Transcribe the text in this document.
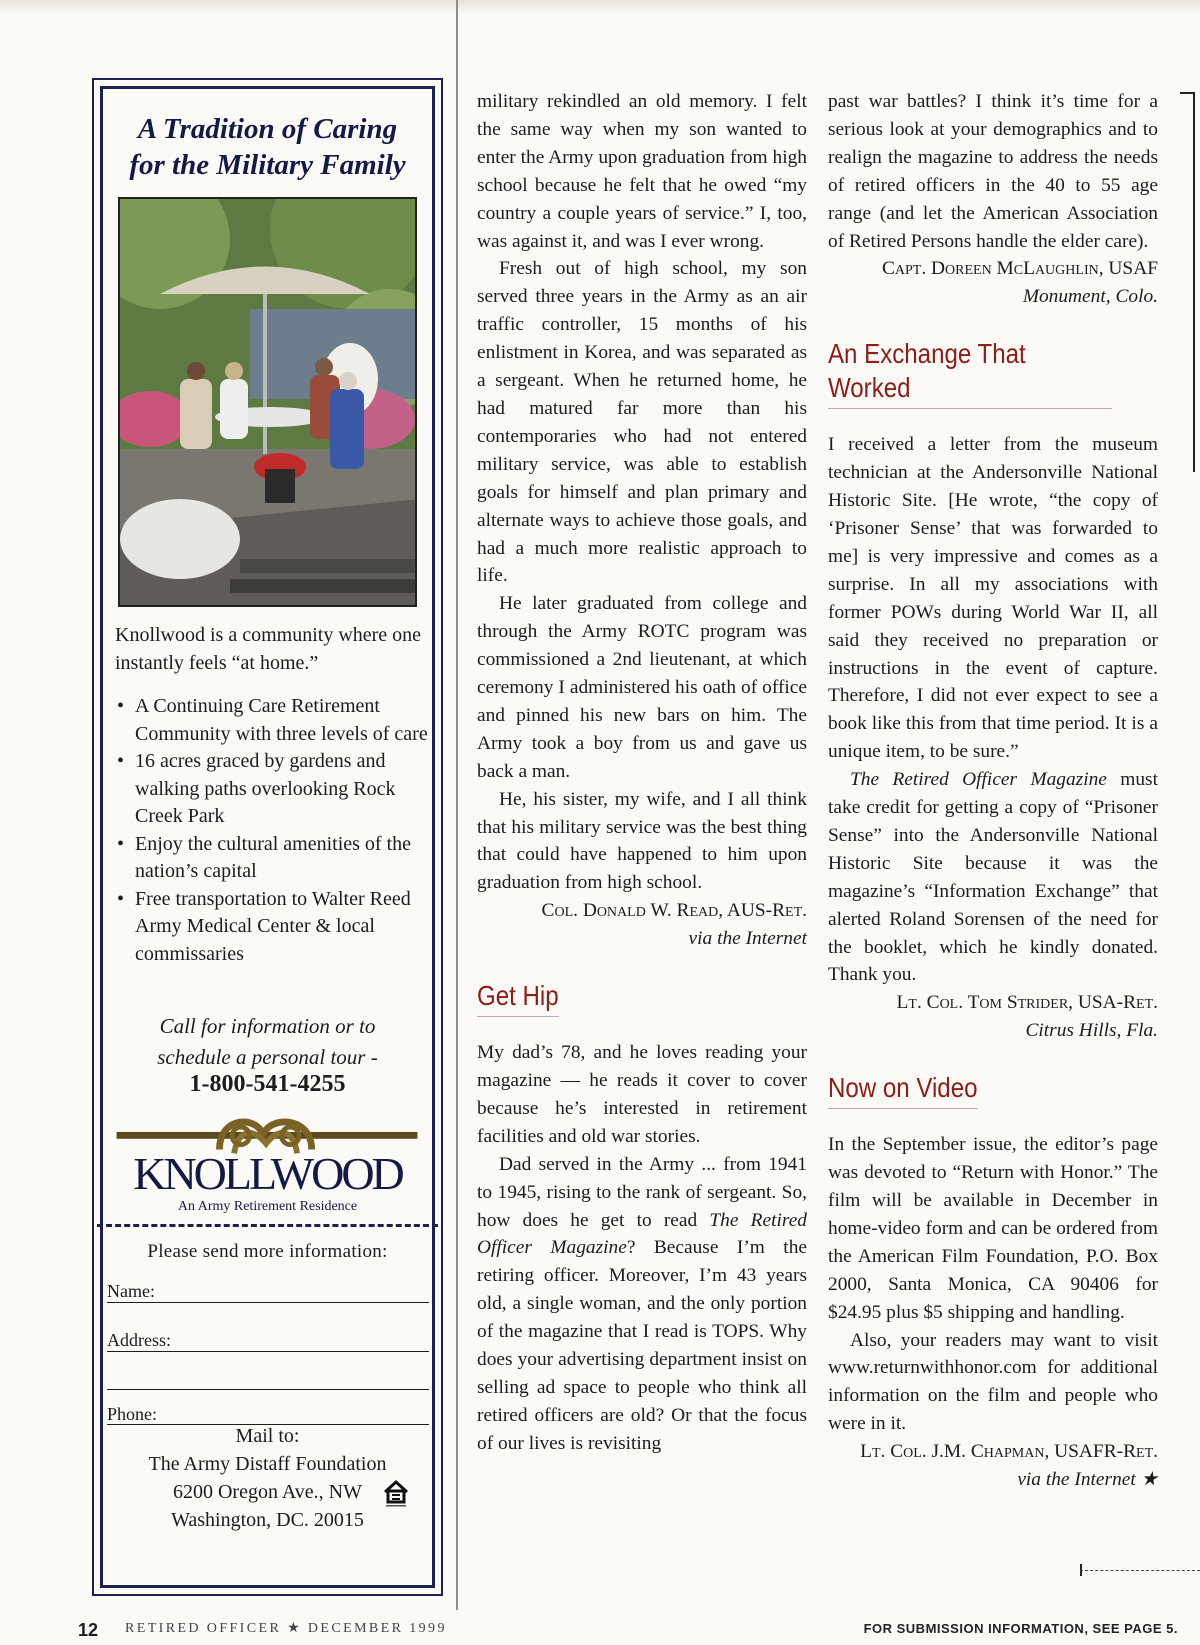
A Tradition of Caring
for the Military Family
Knollwood is a community where one instantly feels “at home.”
• A Continuing Care Retirement Community with three levels of care
• 16 acres graced by gardens and walking paths overlooking Rock Creek Park
• Enjoy the cultural amenities of the nation’s capital
• Free transportation to Walter Reed Army Medical Center & local commissaries
Call for information or to
schedule a personal tour -
1-800-541-4255
KNOLLWOOD
An Army Retirement Residence
Please send more information:
Name:
Address:
Phone:
Mail to:
The Army Distaff Foundation
6200 Oregon Ave., NW
Washington, DC. 20015

military rekindled an old memory. I felt the same way when my son wanted to enter the Army upon graduation from high school because he felt that he owed “my country a couple years of service.” I, too, was against it, and was I ever wrong.

Fresh out of high school, my son served three years in the Army as an air traffic controller, 15 months of his enlistment in Korea, and was separated as a sergeant. When he returned home, he had matured far more than his contemporaries who had not entered military service, was able to establish goals for himself and plan primary and alternate ways to achieve those goals, and had a much more realistic approach to life.

He later graduated from college and through the Army ROTC program was commissioned a 2nd lieutenant, at which ceremony I administered his oath of office and pinned his new bars on him. The Army took a boy from us and gave us back a man.

He, his sister, my wife, and I all think that his military service was the best thing that could have happened to him upon graduation from high school.

Col. Donald W. Read, AUS-Ret.
via the Internet
Get Hip

My dad’s 78, and he loves reading your magazine — he reads it cover to cover because he’s interested in retirement facilities and old war stories.

Dad served in the Army ... from 1941 to 1945, rising to the rank of sergeant. So, how does he get to read The Retired Officer Magazine? Because I’m the retiring officer. Moreover, I’m 43 years old, a single woman, and the only portion of the magazine that I read is TOPS. Why does your advertising department insist on selling ad space to people who think all retired officers are old? Or that the focus of our lives is revisiting

past war battles? I think it’s time for a serious look at your demographics and to realign the magazine to address the needs of retired officers in the 40 to 55 age range (and let the American Association of Retired Persons handle the elder care).

Capt. Doreen McLaughlin, USAF
Monument, Colo.
An Exchange That Worked

I received a letter from the museum technician at the Andersonville National Historic Site. [He wrote, “the copy of ‘Prisoner Sense’ that was forwarded to me] is very impressive and comes as a surprise. In all my associations with former POWs during World War II, all said they received no preparation or instructions in the event of capture. Therefore, I did not ever expect to see a book like this from that time period. It is a unique item, to be sure.”

The Retired Officer Magazine must take credit for getting a copy of “Prisoner Sense” into the Andersonville National Historic Site because it was the magazine’s “Information Exchange” that alerted Roland Sorensen of the need for the booklet, which he kindly donated. Thank you.

Lt. Col. Tom Strider, USA-Ret.
Citrus Hills, Fla.
Now on Video

In the September issue, the editor’s page was devoted to “Return with Honor.” The film will be available in December in home-video form and can be ordered from the American Film Foundation, P.O. Box 2000, Santa Monica, CA 90406 for $24.95 plus $5 shipping and handling.

Also, your readers may want to visit www.returnwithhonor.com for additional information on the film and people who were in it.

Lt. Col. J.M. Chapman, USAFR-Ret.
via the Internet ★
12 RETIRED OFFICER ★ DECEMBER 1999	FOR SUBMISSION INFORMATION, SEE PAGE 5.
